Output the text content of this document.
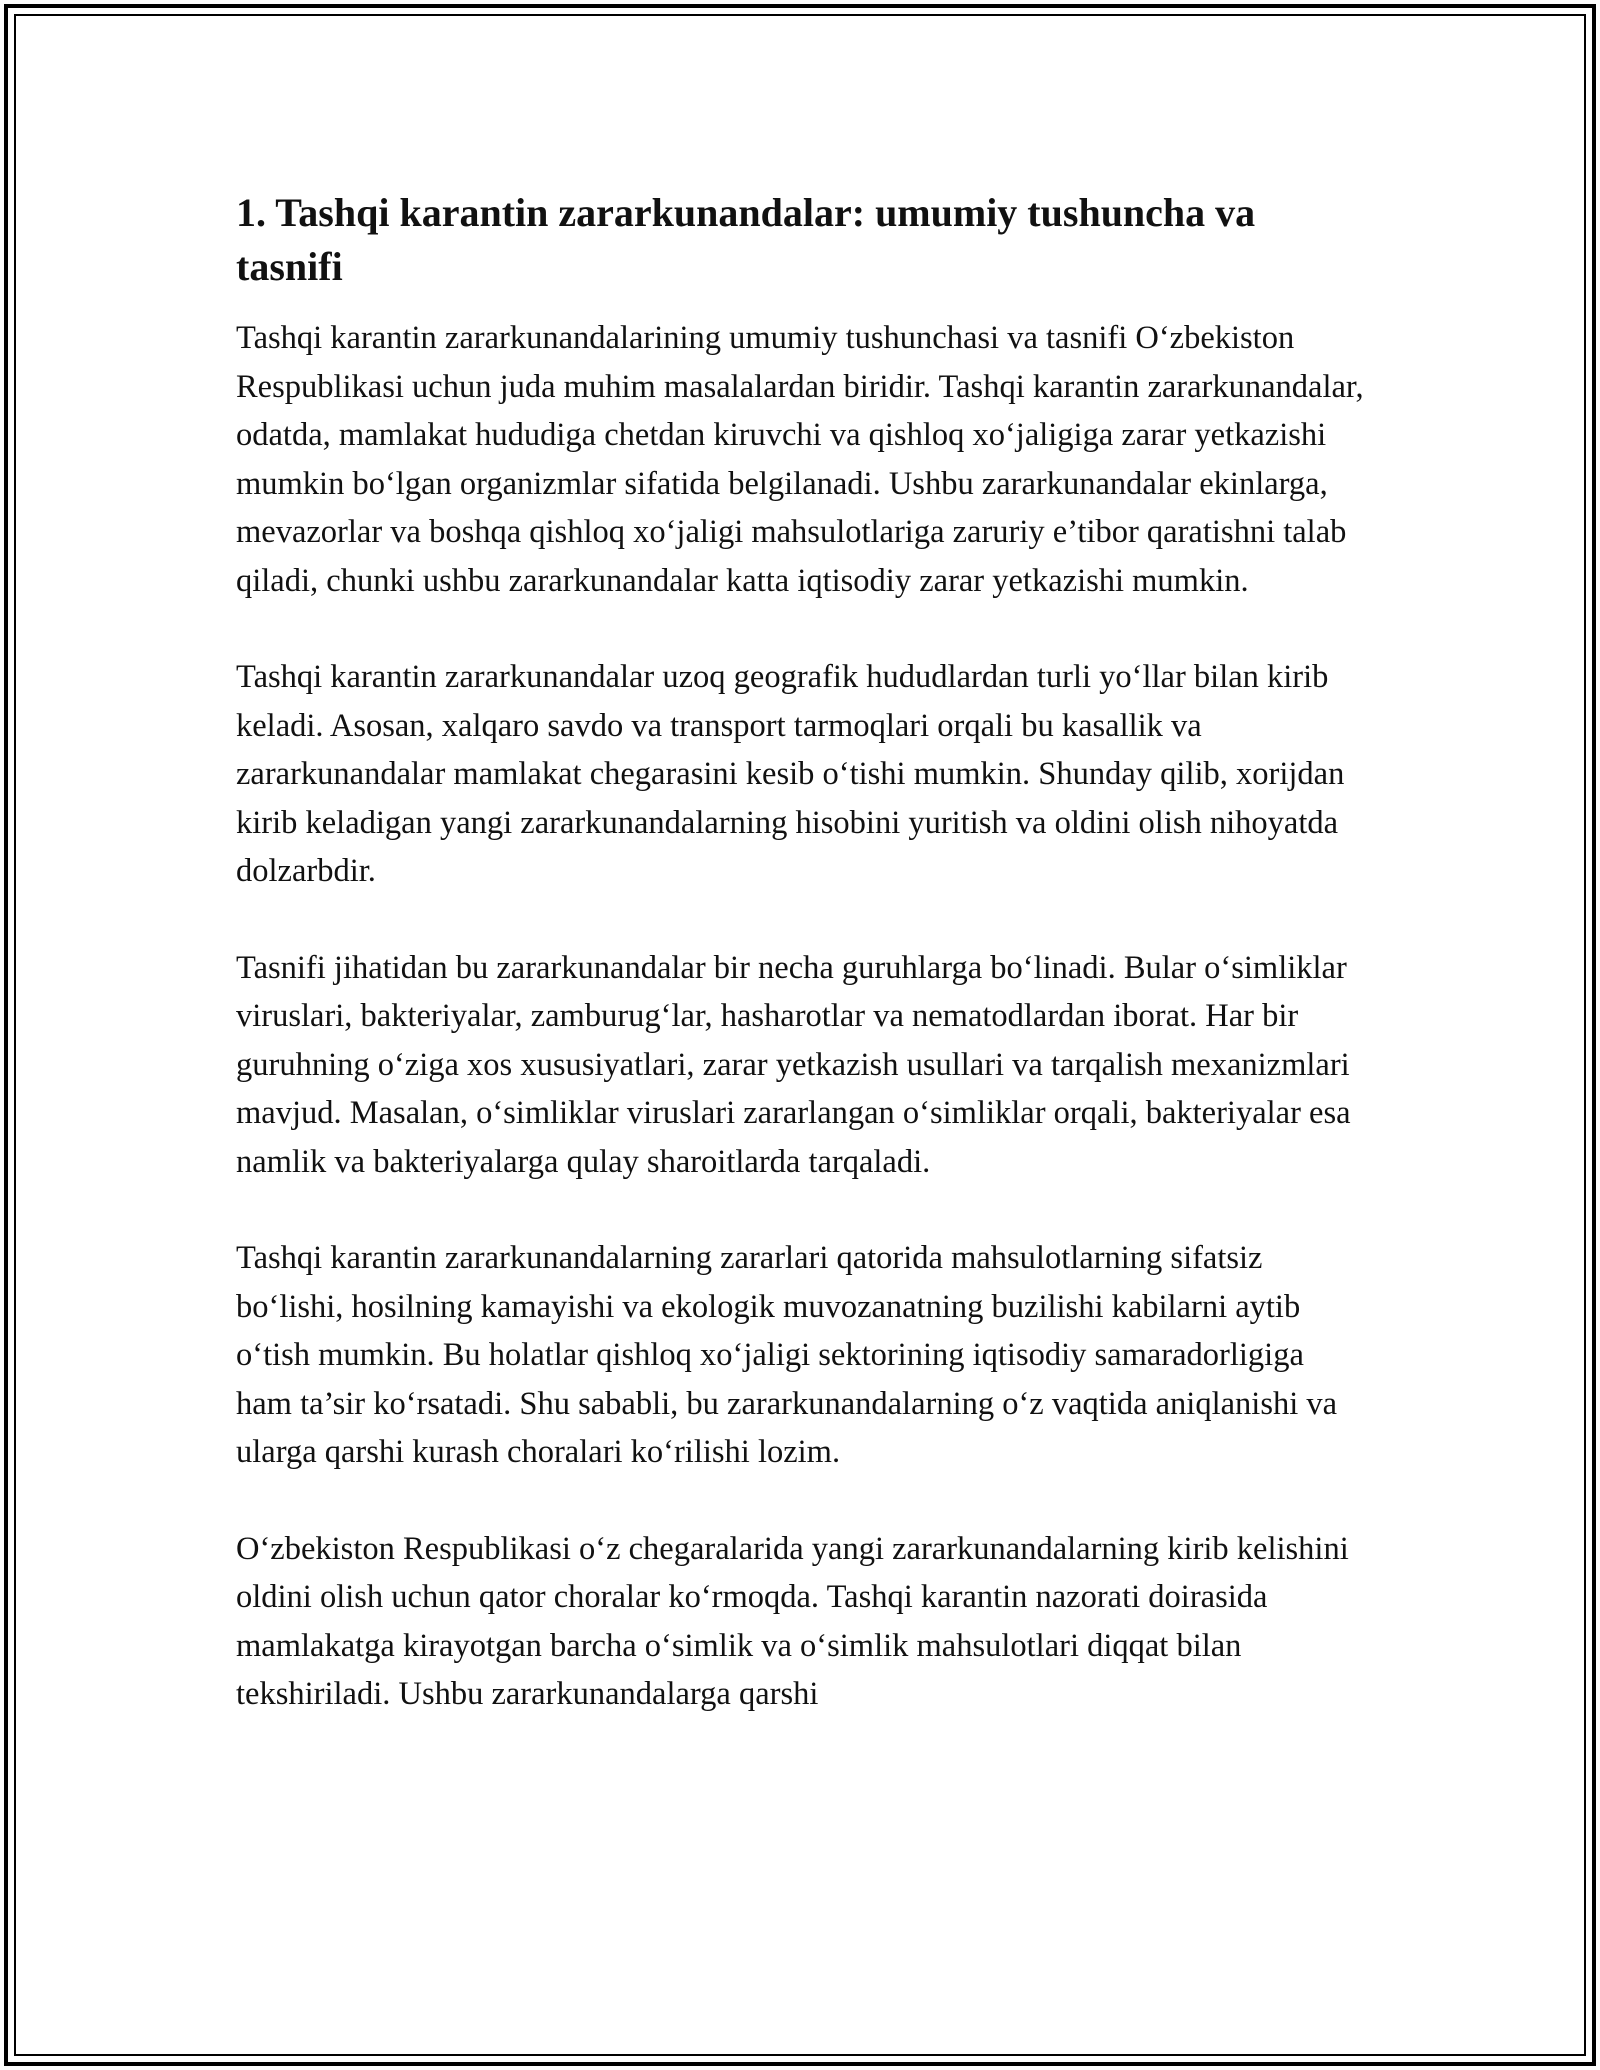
1. Tashqi karantin zararkunandalar: umumiy tushuncha va tasnifi

Tashqi karantin zararkunandalarining umumiy tushunchasi va tasnifi O‘zbekiston Respublikasi uchun juda muhim masalalardan biridir. Tashqi karantin zararkunandalar, odatda, mamlakat hududiga chetdan kiruvchi va qishloq xo‘jaligiga zarar yetkazishi mumkin bo‘lgan organizmlar sifatida belgilanadi. Ushbu zararkunandalar ekinlarga, mevazorlar va boshqa qishloq xo‘jaligi mahsulotlariga zaruriy e’tibor qaratishni talab qiladi, chunki ushbu zararkunandalar katta iqtisodiy zarar yetkazishi mumkin.

Tashqi karantin zararkunandalar uzoq geografik hududlardan turli yo‘llar bilan kirib keladi. Asosan, xalqaro savdo va transport tarmoqlari orqali bu kasallik va zararkunandalar mamlakat chegarasini kesib o‘tishi mumkin. Shunday qilib, xorijdan kirib keladigan yangi zararkunandalarning hisobini yuritish va oldini olish nihoyatda dolzarbdir.

Tasnifi jihatidan bu zararkunandalar bir necha guruhlarga bo‘linadi. Bular o‘simliklar viruslari, bakteriyalar, zamburug‘lar, hasharotlar va nematodlardan iborat. Har bir guruhning o‘ziga xos xususiyatlari, zarar yetkazish usullari va tarqalish mexanizmlari mavjud. Masalan, o‘simliklar viruslari zararlangan o‘simliklar orqali, bakteriyalar esa namlik va bakteriyalarga qulay sharoitlarda tarqaladi.

Tashqi karantin zararkunandalarning zararlari qatorida mahsulotlarning sifatsiz bo‘lishi, hosilning kamayishi va ekologik muvozanatning buzilishi kabilarni aytib o‘tish mumkin. Bu holatlar qishloq xo‘jaligi sektorining iqtisodiy samaradorligiga ham ta’sir ko‘rsatadi. Shu sababli, bu zararkunandalarning o‘z vaqtida aniqlanishi va ularga qarshi kurash choralari ko‘rilishi lozim.

O‘zbekiston Respublikasi o‘z chegaralarida yangi zararkunandalarning kirib kelishini oldini olish uchun qator choralar ko‘rmoqda. Tashqi karantin nazorati doirasida mamlakatga kirayotgan barcha o‘simlik va o‘simlik mahsulotlari diqqat bilan tekshiriladi. Ushbu zararkunandalarga qarshi
